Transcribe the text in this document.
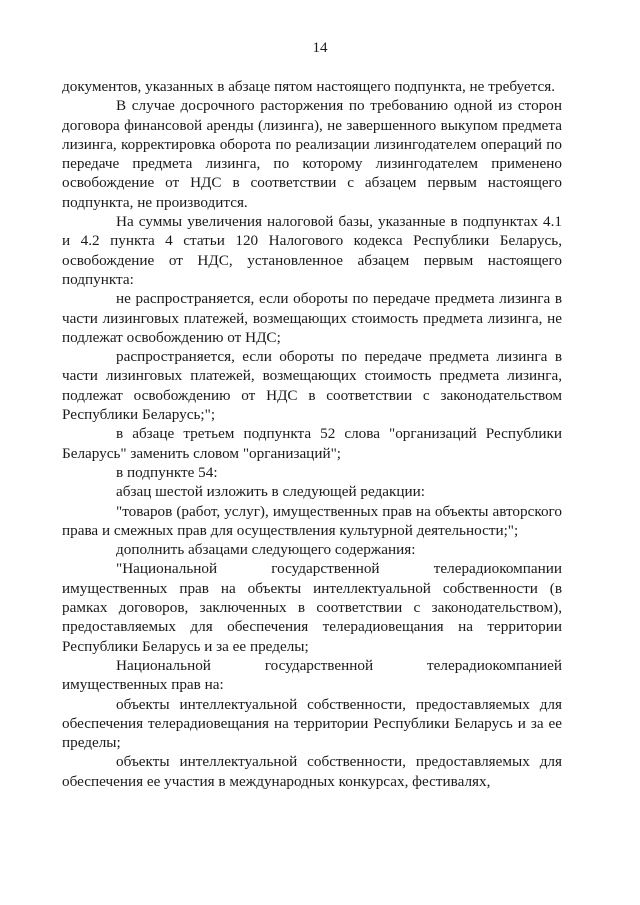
14

документов, указанных в абзаце пятом настоящего подпункта, не требуется.

В случае досрочного расторжения по требованию одной из сторон договора финансовой аренды (лизинга), не завершенного выкупом предмета лизинга, корректировка оборота по реализации лизингодателем операций по передаче предмета лизинга, по которому лизингодателем применено освобождение от НДС в соответствии с абзацем первым настоящего подпункта, не производится.

На суммы увеличения налоговой базы, указанные в подпунктах 4.1 и 4.2 пункта 4 статьи 120 Налогового кодекса Республики Беларусь, освобождение от НДС, установленное абзацем первым настоящего подпункта:

не распространяется, если обороты по передаче предмета лизинга в части лизинговых платежей, возмещающих стоимость предмета лизинга, не подлежат освобождению от НДС;

распространяется, если обороты по передаче предмета лизинга в части лизинговых платежей, возмещающих стоимость предмета лизинга, подлежат освобождению от НДС в соответствии с законодательством Республики Беларусь;";

в абзаце третьем подпункта 52 слова "организаций Республики Беларусь" заменить словом "организаций";

в подпункте 54:

абзац шестой изложить в следующей редакции:

"товаров (работ, услуг), имущественных прав на объекты авторского права и смежных прав для осуществления культурной деятельности;";

дополнить абзацами следующего содержания:

"Национальной государственной телерадиокомпании имущественных прав на объекты интеллектуальной собственности (в рамках договоров, заключенных в соответствии с законодательством), предоставляемых для обеспечения телерадиовещания на территории Республики Беларусь и за ее пределы;

Национальной государственной телерадиокомпанией имущественных прав на:

объекты интеллектуальной собственности, предоставляемых для обеспечения телерадиовещания на территории Республики Беларусь и за ее пределы;

объекты интеллектуальной собственности, предоставляемых для обеспечения ее участия в международных конкурсах, фестивалях,
